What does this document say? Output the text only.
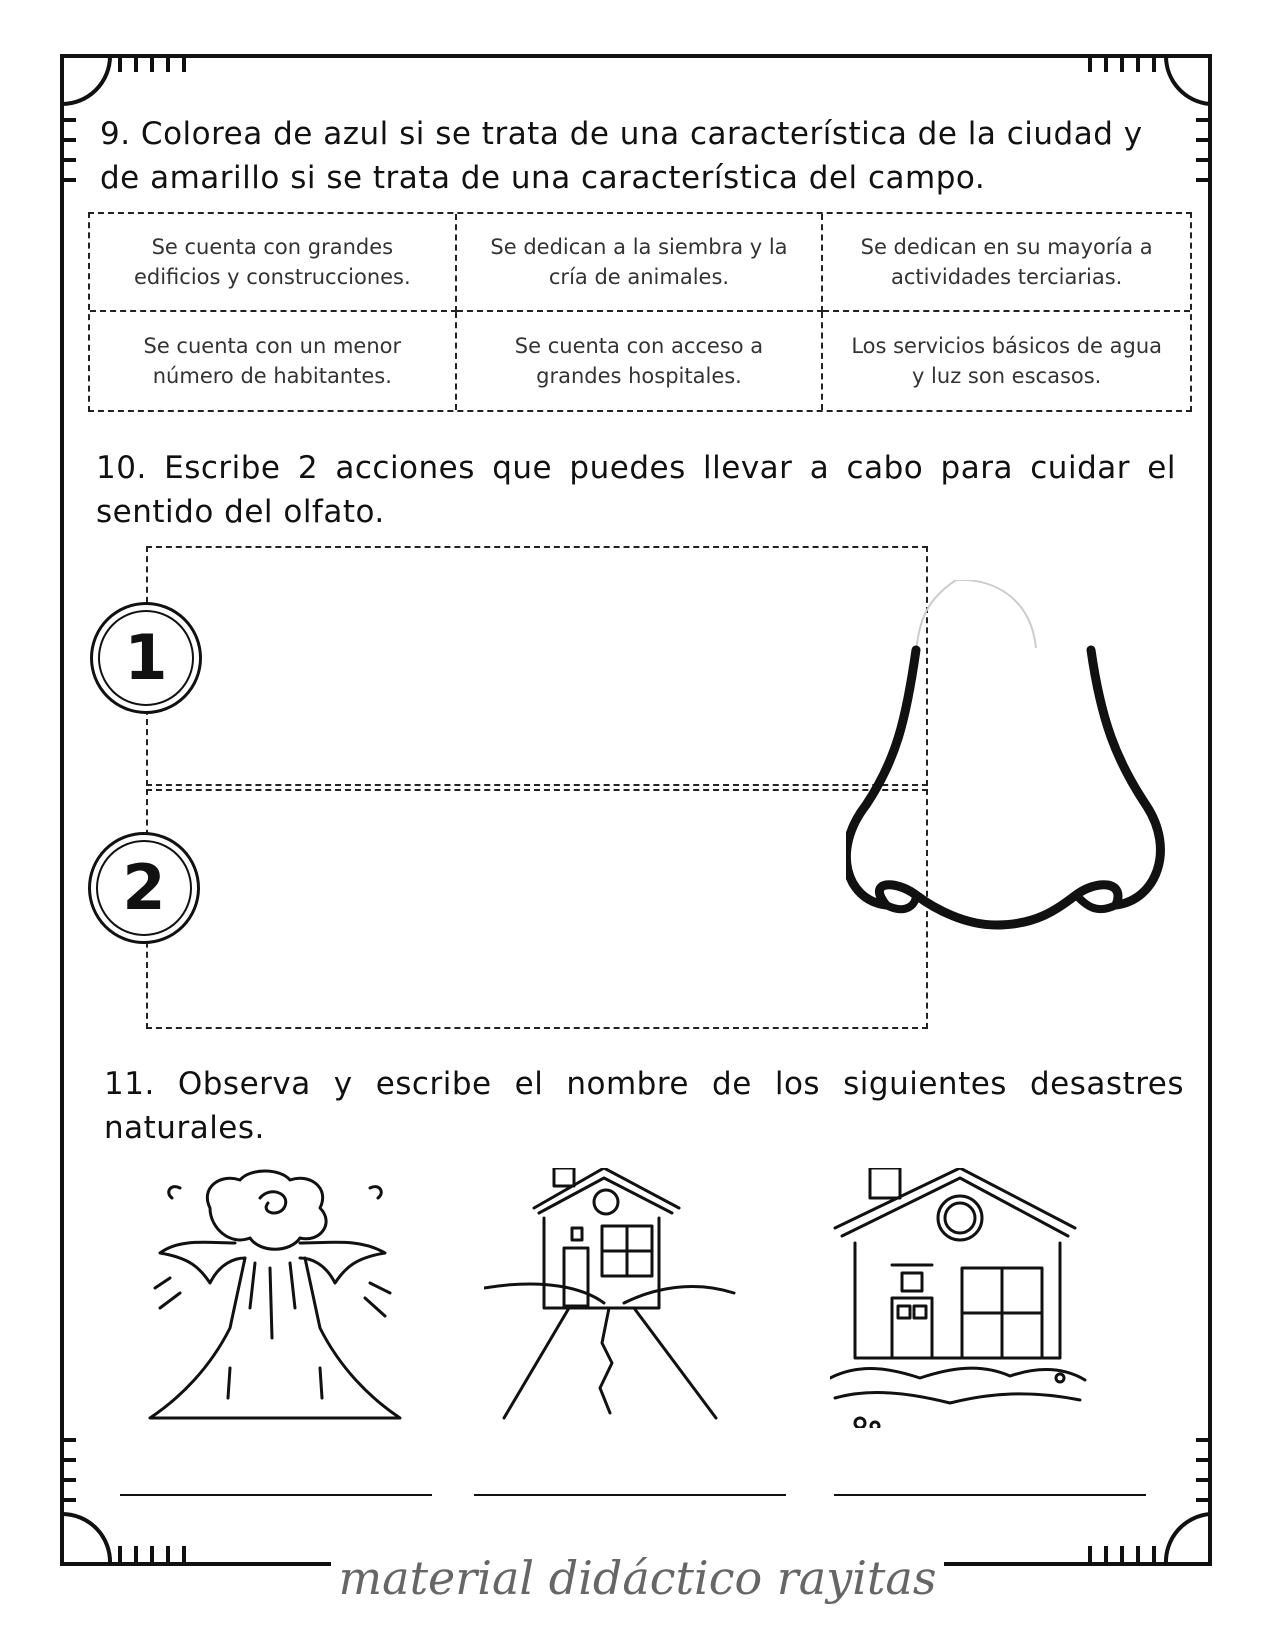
9. Colorea de azul si se trata de una característica de la ciudad y de amarillo si se trata de una característica del campo.
Se cuenta con grandes edificios y construcciones.
Se dedican a la siembra y la cría de animales.
Se dedican en su mayoría a actividades terciarias.
Se cuenta con un menor número de habitantes.
Se cuenta con acceso a grandes hospitales.
Los servicios básicos de agua y luz son escasos.
10. Escribe 2 acciones que puedes llevar a cabo para cuidar el sentido del olfato.
1
2
11. Observa y escribe el nombre de los siguientes desastres naturales.
material didáctico rayitas
